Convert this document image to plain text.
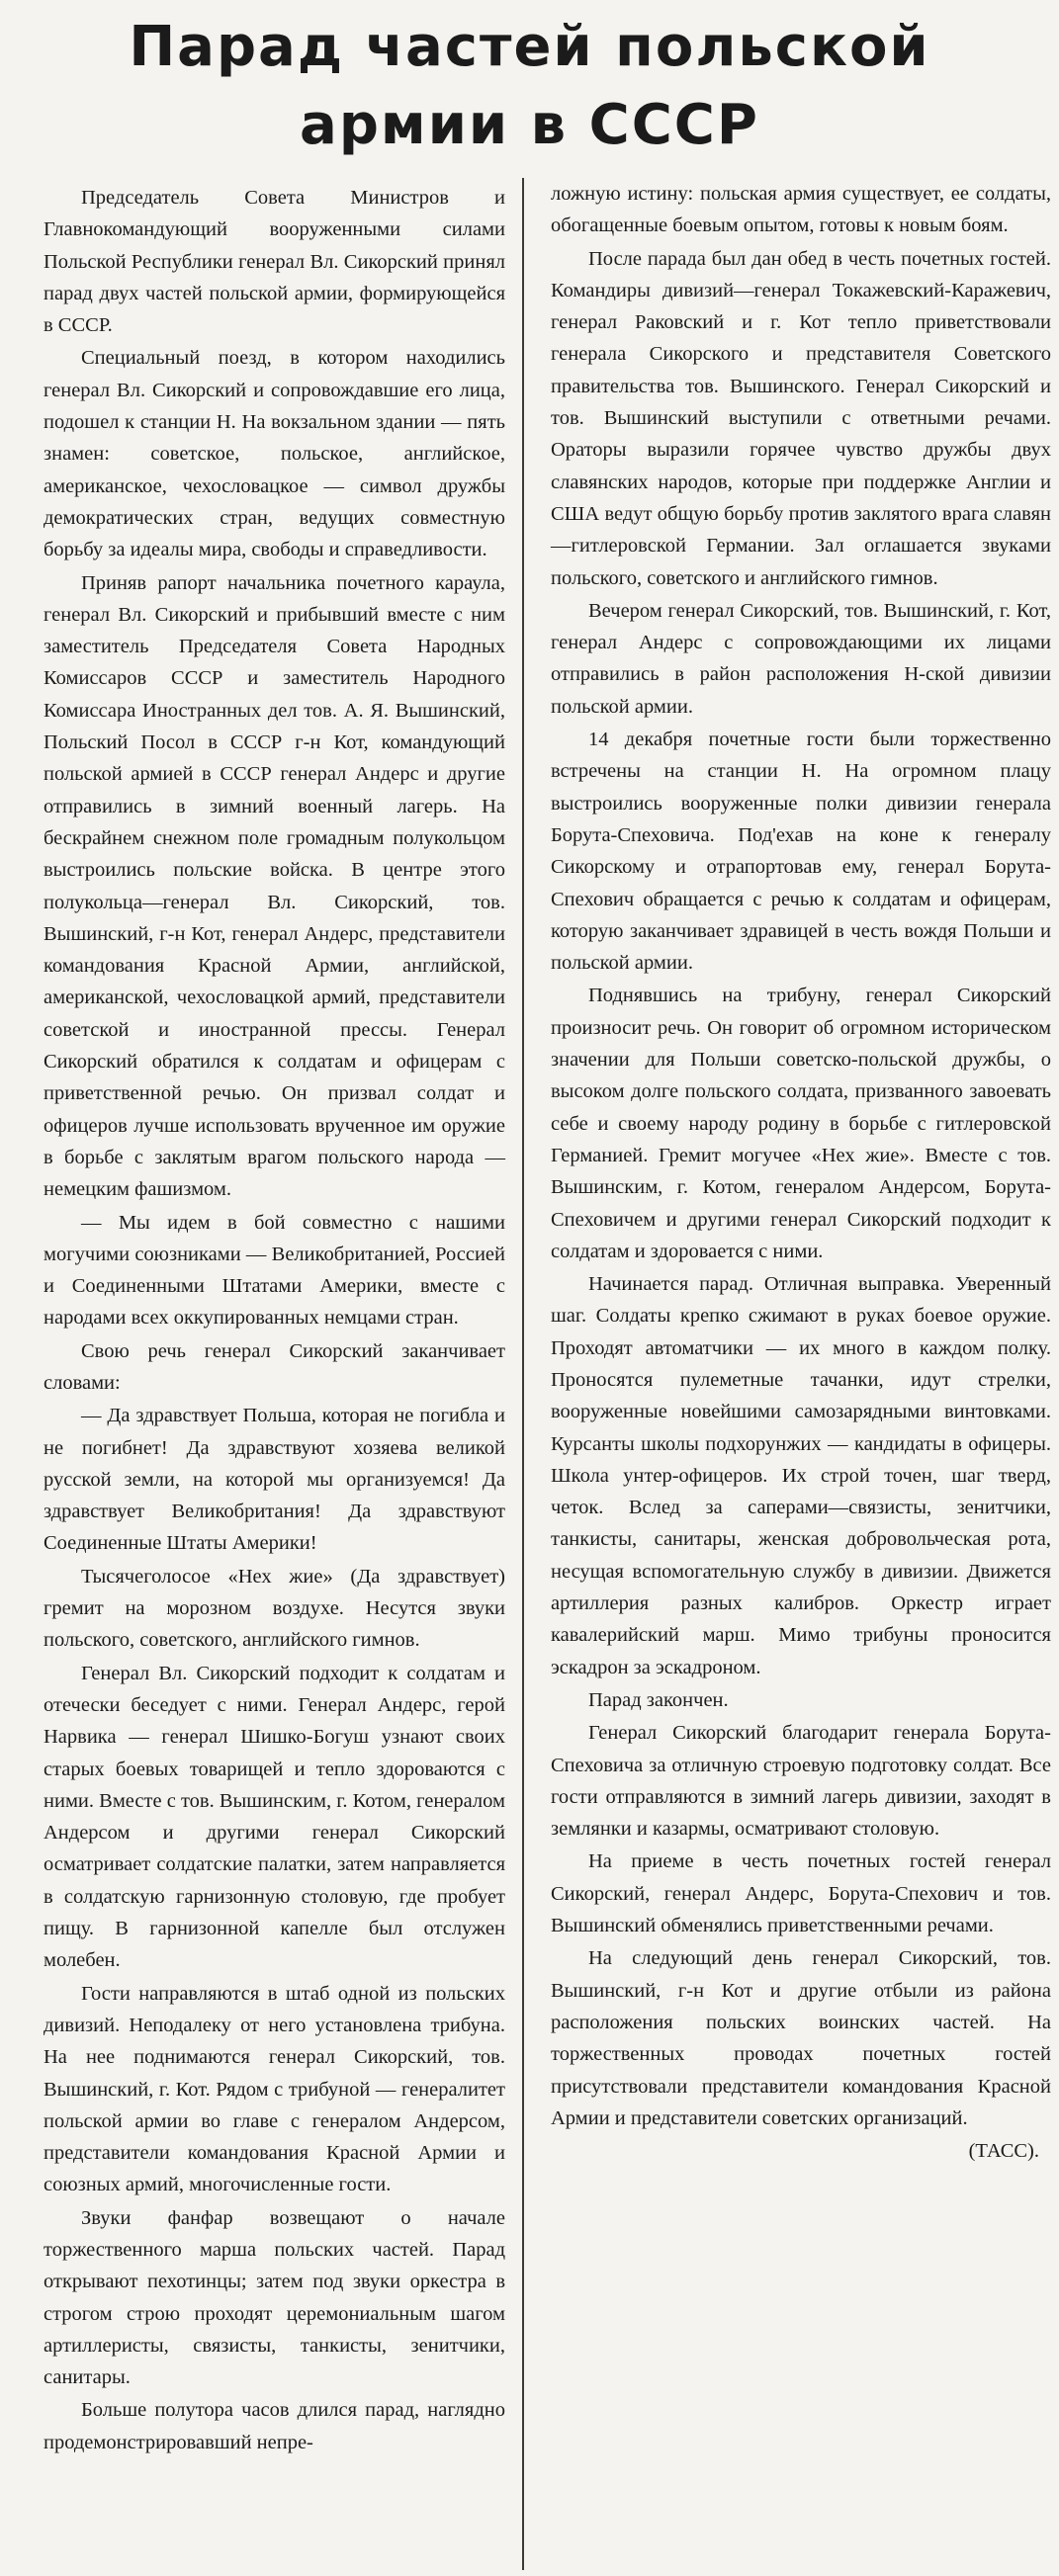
Парад частей польской
армии в СССР

Председатель Совета Министров и Главнокомандующий вооруженными силами Польской Республики генерал Вл. Сикорский принял парад двух частей польской армии, формирующейся в СССР.

Специальный поезд, в котором находились генерал Вл. Сикорский и сопровождавшие его лица, подошел к станции Н. На вокзальном здании — пять знамен: советское, польское, английское, американское, чехословацкое — символ дружбы демократических стран, ведущих совместную борьбу за идеалы мира, свободы и справедливости.

Приняв рапорт начальника почетного караула, генерал Вл. Сикорский и прибывший вместе с ним заместитель Председателя Совета Народных Комиссаров СССР и заместитель Народного Комиссара Иностранных дел тов. А. Я. Вышинский, Польский Посол в СССР г-н Кот, командующий польской армией в СССР генерал Андерс и другие отправились в зимний военный лагерь. На бескрайнем снежном поле громадным полукольцом выстроились польские войска. В центре этого полукольца—генерал Вл. Сикорский, тов. Вышинский, г-н Кот, генерал Андерс, представители командования Красной Армии, английской, американской, чехословацкой армий, представители советской и иностранной прессы. Генерал Сикорский обратился к солдатам и офицерам с приветственной речью. Он призвал солдат и офицеров лучше использовать врученное им оружие в борьбе с заклятым врагом польского народа — немецким фашизмом.

— Мы идем в бой совместно с нашими могучими союзниками — Великобританией, Россией и Соединенными Штатами Америки, вместе с народами всех оккупированных немцами стран.

Свою речь генерал Сикорский заканчивает словами:

— Да здравствует Польша, которая не погибла и не погибнет! Да здравствуют хозяева великой русской земли, на которой мы организуемся! Да здравствует Великобритания! Да здравствуют Соединенные Штаты Америки!

Тысячеголосое «Нех жие» (Да здравствует) гремит на морозном воздухе. Несутся звуки польского, советского, английского гимнов.

Генерал Вл. Сикорский подходит к солдатам и отечески беседует с ними. Генерал Андерс, герой Нарвика — генерал Шишко-Богуш узнают своих старых боевых товарищей и тепло здороваются с ними. Вместе с тов. Вышинским, г. Котом, генералом Андерсом и другими генерал Сикорский осматривает солдатские палатки, затем направляется в солдатскую гарнизонную столовую, где пробует пищу. В гарнизонной капелле был отслужен молебен.

Гости направляются в штаб одной из польских дивизий. Неподалеку от него установлена трибуна. На нее поднимаются генерал Сикорский, тов. Вышинский, г. Кот. Рядом с трибуной — генералитет польской армии во главе с генералом Андерсом, представители командования Красной Армии и союзных армий, многочисленные гости.

Звуки фанфар возвещают о начале торжественного марша польских частей. Парад открывают пехотинцы; затем под звуки оркестра в строгом строю проходят церемониальным шагом артиллеристы, связисты, танкисты, зенитчики, санитары.

Больше полутора часов длился парад, наглядно продемонстрировавший непре-

ложную истину: польская армия существует, ее солдаты, обогащенные боевым опытом, готовы к новым боям.

После парада был дан обед в честь почетных гостей. Командиры дивизий—генерал Токажевский-Каражевич, генерал Раковский и г. Кот тепло приветствовали генерала Сикорского и представителя Советского правительства тов. Вышинского. Генерал Сикорский и тов. Вышинский выступили с ответными речами. Ораторы выразили горячее чувство дружбы двух славянских народов, которые при поддержке Англии и США ведут общую борьбу против заклятого врага славян—гитлеровской Германии. Зал оглашается звуками польского, советского и английского гимнов.

Вечером генерал Сикорский, тов. Вышинский, г. Кот, генерал Андерс с сопровождающими их лицами отправились в район расположения Н-ской дивизии польской армии.

14 декабря почетные гости были торжественно встречены на станции Н. На огромном плацу выстроились вооруженные полки дивизии генерала Борута-Спеховича. Под'ехав на коне к генералу Сикорскому и отрапортовав ему, генерал Борута-Спехович обращается с речью к солдатам и офицерам, которую заканчивает здравицей в честь вождя Польши и польской армии.

Поднявшись на трибуну, генерал Сикорский произносит речь. Он говорит об огромном историческом значении для Польши советско-польской дружбы, о высоком долге польского солдата, призванного завоевать себе и своему народу родину в борьбе с гитлеровской Германией. Гремит могучее «Нех жие». Вместе с тов. Вышинским, г. Котом, генералом Андерсом, Борута-Спеховичем и другими генерал Сикорский подходит к солдатам и здоровается с ними.

Начинается парад. Отличная выправка. Уверенный шаг. Солдаты крепко сжимают в руках боевое оружие. Проходят автоматчики — их много в каждом полку. Проносятся пулеметные тачанки, идут стрелки, вооруженные новейшими самозарядными винтовками. Курсанты школы подхорунжих — кандидаты в офицеры. Школа унтер-офицеров. Их строй точен, шаг тверд, четок. Вслед за саперами—связисты, зенитчики, танкисты, санитары, женская добровольческая рота, несущая вспомогательную службу в дивизии. Движется артиллерия разных калибров. Оркестр играет кавалерийский марш. Мимо трибуны проносится эскадрон за эскадроном.

Парад закончен.

Генерал Сикорский благодарит генерала Борута-Спеховича за отличную строевую подготовку солдат. Все гости отправляются в зимний лагерь дивизии, заходят в землянки и казармы, осматривают столовую.

На приеме в честь почетных гостей генерал Сикорский, генерал Андерс, Борута-Спехович и тов. Вышинский обменялись приветственными речами.

На следующий день генерал Сикорский, тов. Вышинский, г-н Кот и другие отбыли из района расположения польских воинских частей. На торжественных проводах почетных гостей присутствовали представители командования Красной Армии и представители советских организаций.

(ТАСС).
